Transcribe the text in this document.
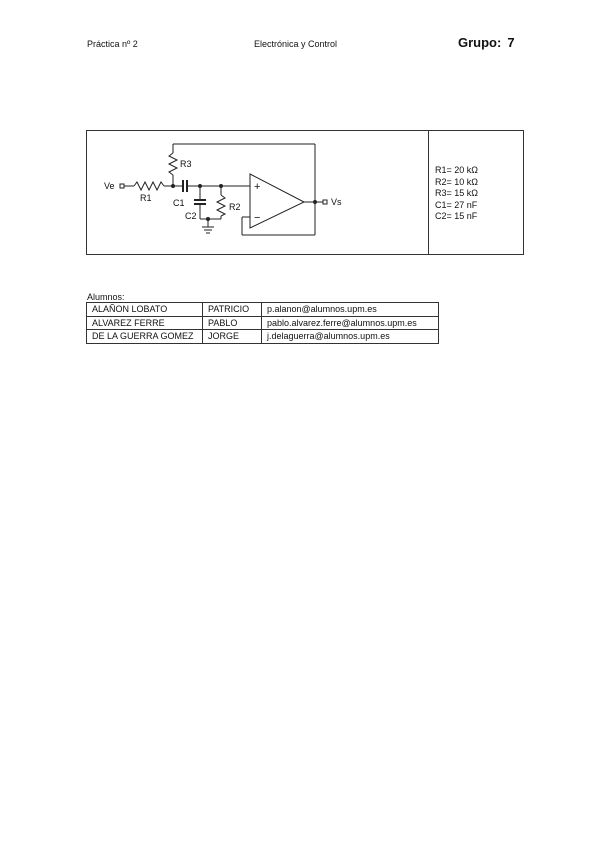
Práctica nº 2	Electrónica y Control	Grupo: 7
Ve
R1
R3
C1
C2
R2
+
−
Vs
R1= 20 kΩ
R2= 10 kΩ
R3= 15 kΩ
C1= 27 nF
C2= 15 nF
Alumnos:
ALAÑON LOBATO	PATRICIO	p.alanon@alumnos.upm.es
ALVAREZ FERRE	PABLO	pablo.alvarez.ferre@alumnos.upm.es
DE LA GUERRA GOMEZ	JORGE	j.delaguerra@alumnos.upm.es
